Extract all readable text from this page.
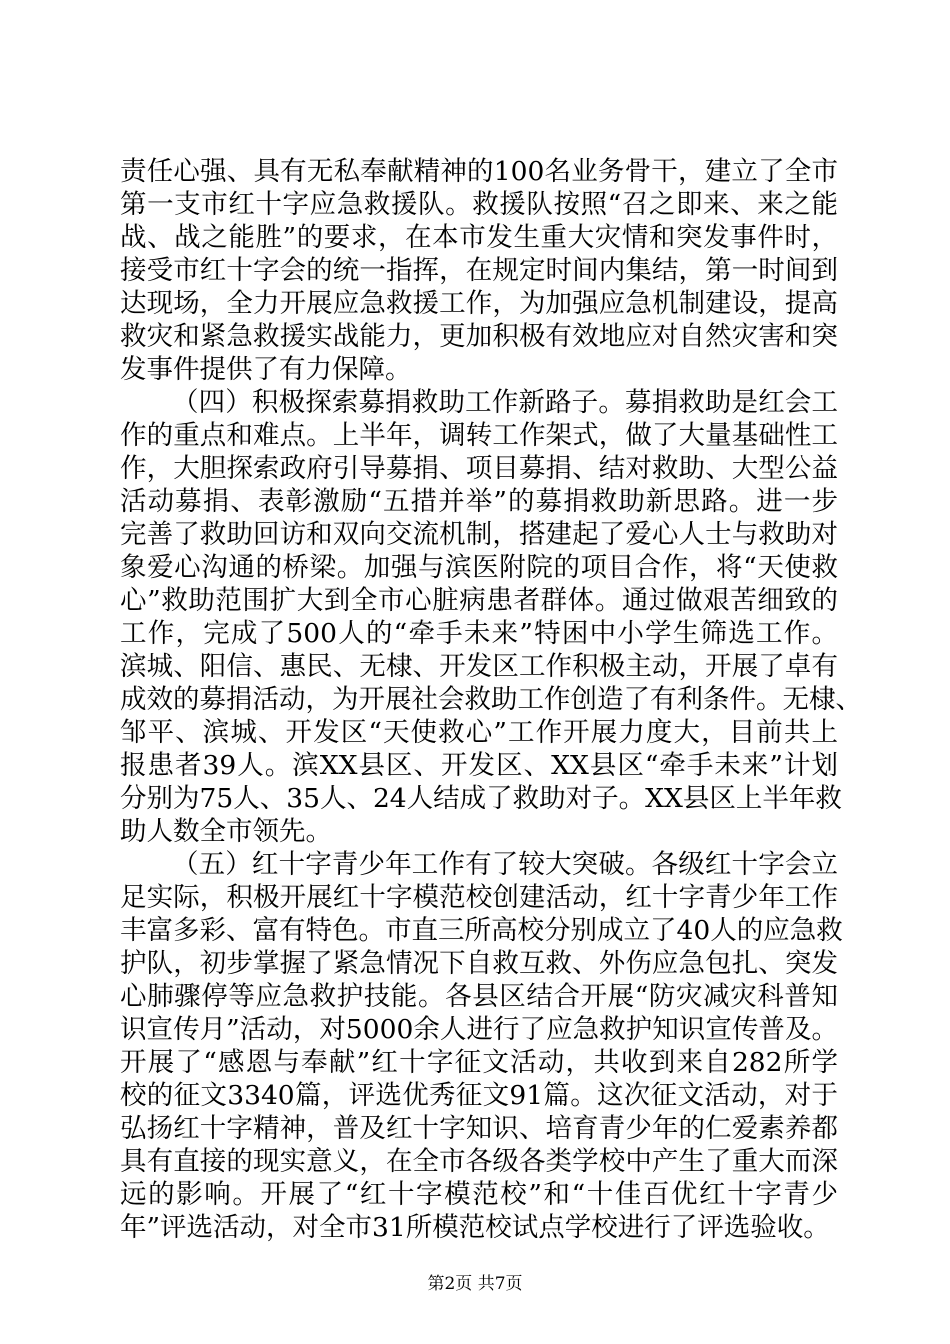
责任心强、具有无私奉献精神的100名业务骨干，建立了全市
第一支市红十字应急救援队。救援队按照“召之即来、来之能
战、战之能胜”的要求，在本市发生重大灾情和突发事件时，
接受市红十字会的统一指挥，在规定时间内集结，第一时间到
达现场，全力开展应急救援工作，为加强应急机制建设，提高
救灾和紧急救援实战能力，更加积极有效地应对自然灾害和突
发事件提供了有力保障。
（四）积极探索募捐救助工作新路子。募捐救助是红会工
作的重点和难点。上半年，调转工作架式，做了大量基础性工
作，大胆探索政府引导募捐、项目募捐、结对救助、大型公益
活动募捐、表彰激励“五措并举”的募捐救助新思路。进一步
完善了救助回访和双向交流机制，搭建起了爱心人士与救助对
象爱心沟通的桥梁。加强与滨医附院的项目合作，将“天使救
心”救助范围扩大到全市心脏病患者群体。通过做艰苦细致的
工作，完成了500人的“牵手未来”特困中小学生筛选工作。
滨城、阳信、惠民、无棣、开发区工作积极主动，开展了卓有
成效的募捐活动，为开展社会救助工作创造了有利条件。无棣、
邹平、滨城、开发区“天使救心”工作开展力度大，目前共上
报患者39人。滨XX县区、开发区、XX县区“牵手未来”计划
分别为75人、35人、24人结成了救助对子。XX县区上半年救
助人数全市领先。
（五）红十字青少年工作有了较大突破。各级红十字会立
足实际，积极开展红十字模范校创建活动，红十字青少年工作
丰富多彩、富有特色。市直三所高校分别成立了40人的应急救
护队，初步掌握了紧急情况下自救互救、外伤应急包扎、突发
心肺骤停等应急救护技能。各县区结合开展“防灾减灾科普知
识宣传月”活动，对5000余人进行了应急救护知识宣传普及。
开展了“感恩与奉献”红十字征文活动，共收到来自282所学
校的征文3340篇，评选优秀征文91篇。这次征文活动，对于
弘扬红十字精神，普及红十字知识、培育青少年的仁爱素养都
具有直接的现实意义，在全市各级各类学校中产生了重大而深
远的影响。开展了“红十字模范校”和“十佳百优红十字青少
年”评选活动，对全市31所模范校试点学校进行了评选验收。
第2页 共7页
